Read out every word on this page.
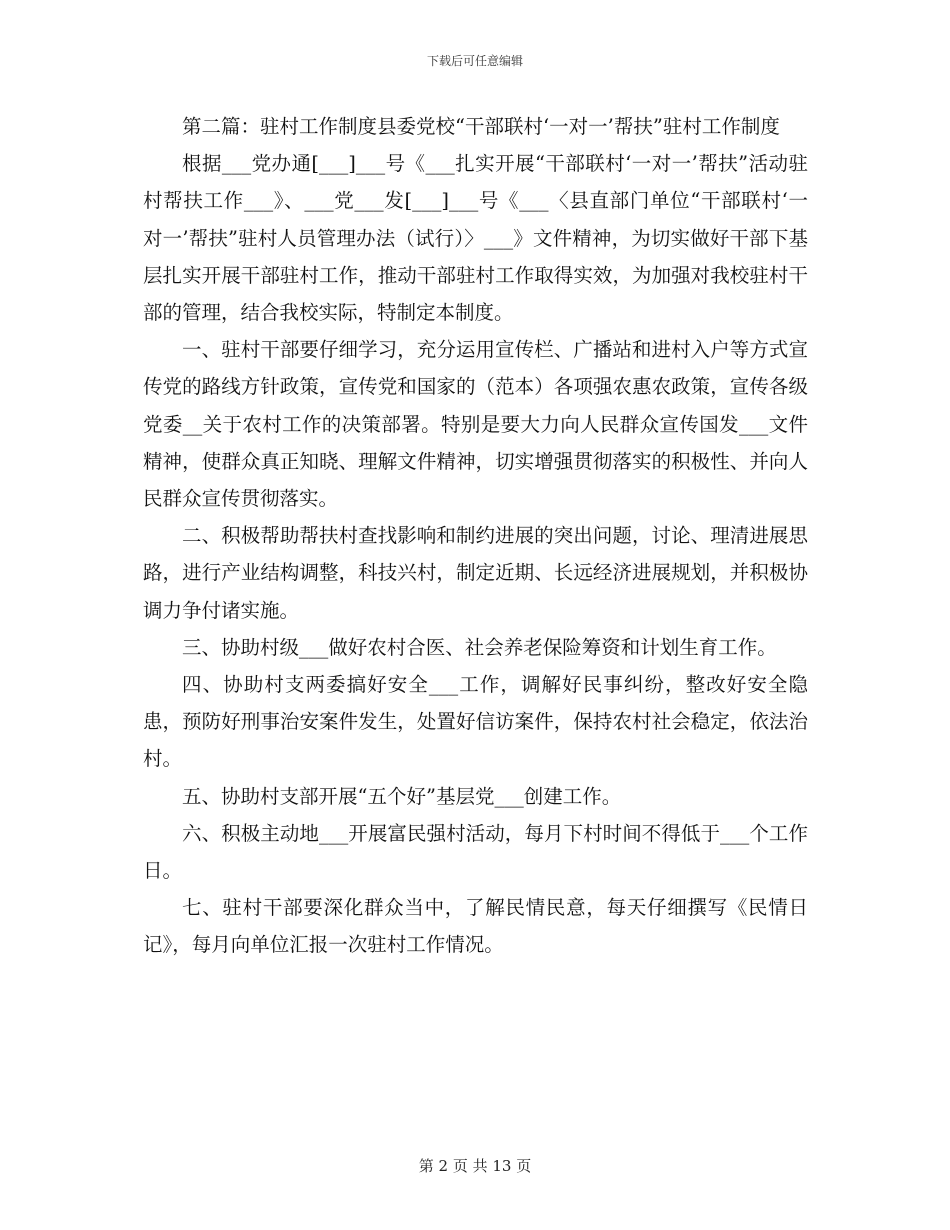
下载后可任意编辑

第二篇：驻村工作制度县委党校“干部联村‘一对一’帮扶”驻村工作制度

根据___党办通[___]___号《___扎实开展“干部联村‘一对一’帮扶”活动驻村帮扶工作___》、___党___发[___]___号《___〈县直部门单位“干部联村‘一对一’帮扶”驻村人员管理办法（试行）〉___》文件精神，为切实做好干部下基层扎实开展干部驻村工作，推动干部驻村工作取得实效，为加强对我校驻村干部的管理，结合我校实际，特制定本制度。

一、驻村干部要仔细学习，充分运用宣传栏、广播站和进村入户等方式宣传党的路线方针政策，宣传党和国家的（范本）各项强农惠农政策，宣传各级党委__关于农村工作的决策部署。特别是要大力向人民群众宣传国发___文件精神，使群众真正知晓、理解文件精神，切实增强贯彻落实的积极性、并向人民群众宣传贯彻落实。

二、积极帮助帮扶村查找影响和制约进展的突出问题，讨论、理清进展思路，进行产业结构调整，科技兴村，制定近期、长远经济进展规划，并积极协调力争付诸实施。

三、协助村级___做好农村合医、社会养老保险筹资和计划生育工作。

四、协助村支两委搞好安全___工作，调解好民事纠纷，整改好安全隐患，预防好刑事治安案件发生，处置好信访案件，保持农村社会稳定，依法治村。

五、协助村支部开展“五个好”基层党___创建工作。

六、积极主动地___开展富民强村活动，每月下村时间不得低于___个工作日。

七、驻村干部要深化群众当中，了解民情民意，每天仔细撰写《民情日记》，每月向单位汇报一次驻村工作情况。

第 2 页 共 13 页
